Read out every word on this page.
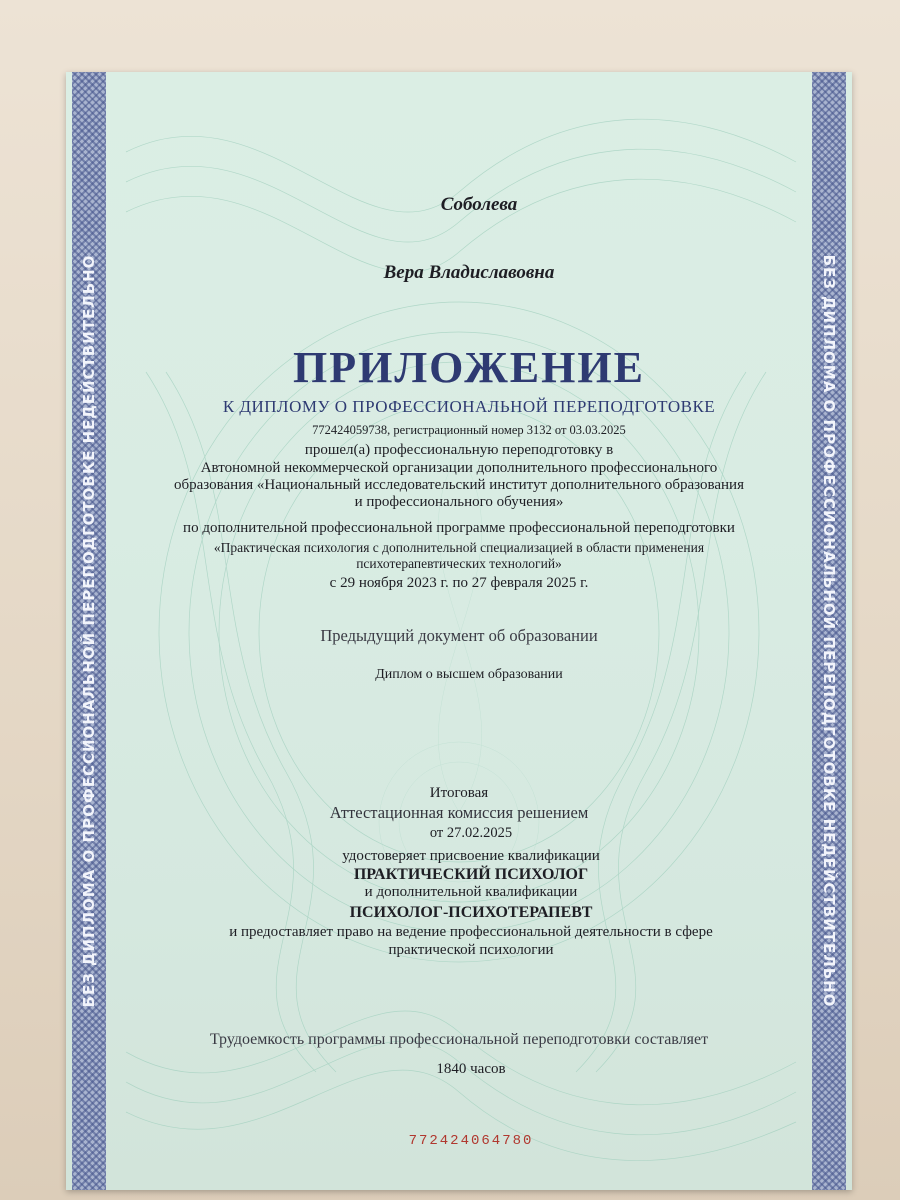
БЕЗ ДИПЛОМА О ПРОФЕССИОНАЛЬНОЙ ПЕРЕПОДГОТОВКЕ НЕДЕЙСТВИТЕЛЬНО	БЕЗ ДИПЛОМА О ПРОФЕССИОНАЛЬНОЙ ПЕРЕПОДГОТОВКЕ НЕДЕЙСТВИТЕЛЬНО
Соболева
Вера Владиславовна
ПРИЛОЖЕНИЕ
К ДИПЛОМУ О ПРОФЕССИОНАЛЬНОЙ ПЕРЕПОДГОТОВКЕ
772424059738, регистрационный номер 3132 от 03.03.2025
прошел(а) профессиональную переподготовку в
Автономной некоммерческой организации дополнительного профессионального
образования «Национальный исследовательский институт дополнительного образования
и профессионального обучения»
по дополнительной профессиональной программе профессиональной переподготовки
«Практическая психология с дополнительной специализацией в области применения
психотерапевтических технологий»
с 29 ноября 2023 г. по 27 февраля 2025 г.
Предыдущий документ об образовании
Диплом о высшем образовании
Итоговая
Аттестационная комиссия решением
от 27.02.2025
удостоверяет присвоение квалификации
ПРАКТИЧЕСКИЙ ПСИХОЛОГ
и дополнительной квалификации
ПСИХОЛОГ-ПСИХОТЕРАПЕВТ
и предоставляет право на ведение профессиональной деятельности в сфере
практической психологии
Трудоемкость программы профессиональной переподготовки составляет
1840 часов
772424064780
